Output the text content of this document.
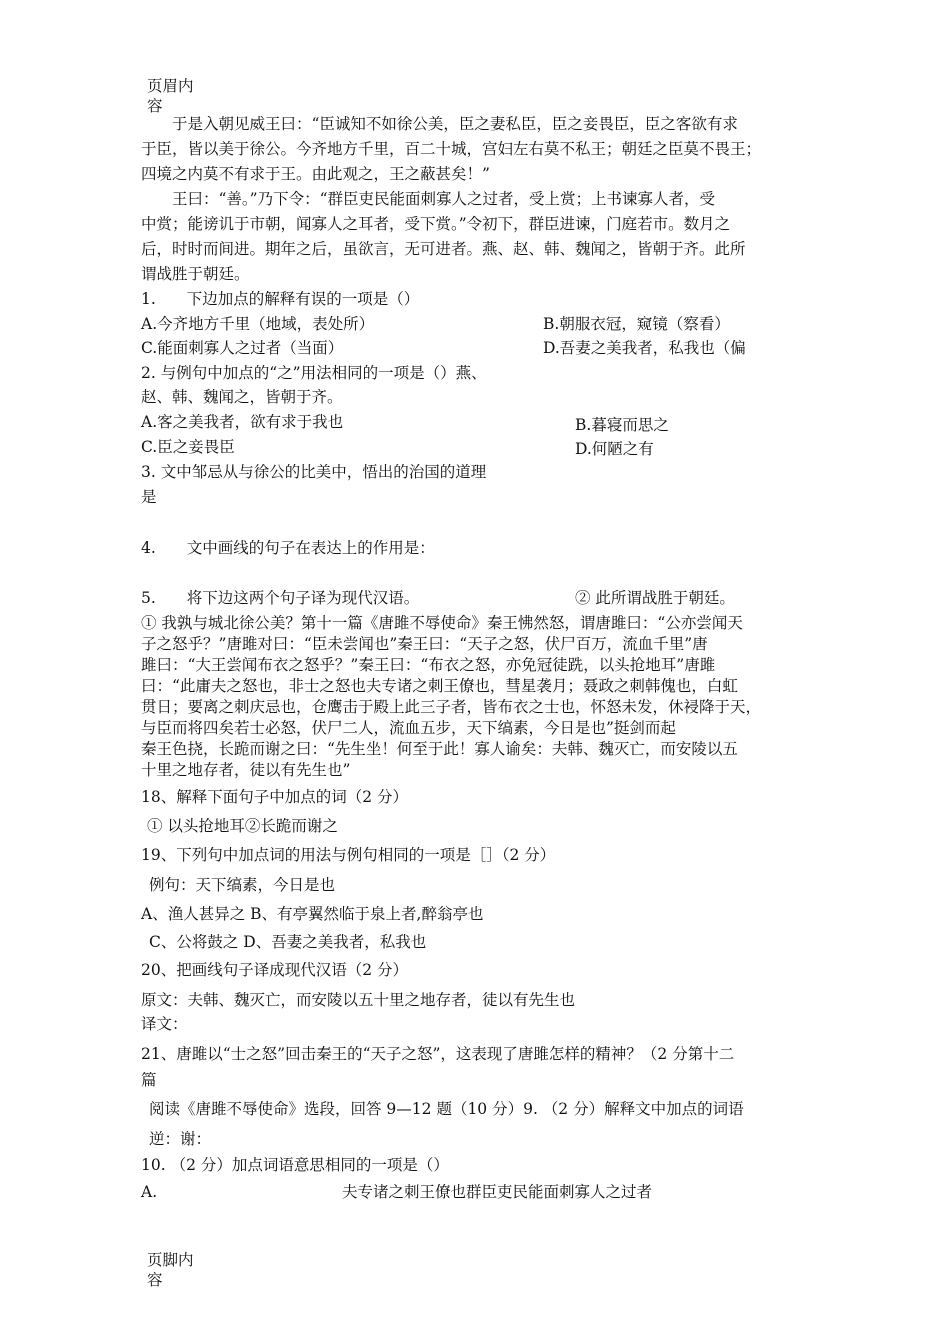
页眉内容
于是入朝见威王曰：“臣诚知不如徐公美，臣之妻私臣，臣之妾畏臣，臣之客欲有求
于臣，皆以美于徐公。今齐地方千里，百二十城，宫妇左右莫不私王；朝廷之臣莫不畏王；
四境之内莫不有求于王。由此观之，王之蔽甚矣！”
王曰：“善。”乃下令：“群臣吏民能面刺寡人之过者，受上赏；上书谏寡人者，受
中赏；能谤讥于市朝，闻寡人之耳者，受下赏。”令初下，群臣进谏，门庭若市。数月之
后，时时而间进。期年之后，虽欲言，无可进者。燕、赵、韩、魏闻之，皆朝于齐。此所
谓战胜于朝廷。
1.　　下边加点的解释有误的一项是（）
A.今齐地方千里（地域，表处所）	B.朝服衣冠，窥镜（察看）
C.能面刺寡人之过者（当面）	D.吾妻之美我者，私我也（偏
2. 与例句中加点的“之”用法相同的一项是（）燕、
赵、韩、魏闻之，皆朝于齐。
A.客之美我者，欲有求于我也	B.暮寝而思之
C.臣之妾畏臣	D.何陋之有
3. 文中邹忌从与徐公的比美中，悟出的治国的道理
是
4.　　文中画线的句子在表达上的作用是：
5.　　将下边这两个句子译为现代汉语。	② 此所谓战胜于朝廷。
① 我孰与城北徐公美？第十一篇《唐雎不辱使命》秦王怫然怒，谓唐雎曰：“公亦尝闻天
子之怒乎？”唐雎对曰：“臣未尝闻也”秦王曰：“天子之怒，伏尸百万，流血千里”唐
雎曰：“大王尝闻布衣之怒乎？”秦王曰：“布衣之怒，亦免冠徒跣，以头抢地耳”唐雎
曰：“此庸夫之怒也，非士之怒也夫专诸之刺王僚也，彗星袭月；聂政之刺韩傀也，白虹
贯日；要离之刺庆忌也，仓鹰击于殿上此三子者，皆布衣之士也，怀怒未发，休祲降于天，
与臣而将四矣若士必怒，伏尸二人，流血五步，天下缟素，今日是也”挺剑而起
秦王色挠，长跪而谢之曰：“先生坐！何至于此！寡人谕矣：夫韩、魏灭亡，而安陵以五
十里之地存者，徒以有先生也”
18、解释下面句子中加点的词（2 分）
① 以头抢地耳②长跪而谢之
19、下列句中加点词的用法与例句相同的一项是［］（2 分）
例句：天下缟素，今日是也
A、渔人甚异之 B、有亭翼然临于泉上者,醉翁亭也
C、公将鼓之 D、吾妻之美我者，私我也
20、把画线句子译成现代汉语（2 分）
原文：夫韩、魏灭亡，而安陵以五十里之地存者，徒以有先生也
译文：
21、唐雎以“士之怒”回击秦王的“天子之怒”，这表现了唐雎怎样的精神？（2 分第十二
篇
阅读《唐雎不辱使命》选段，回答 9—12 题（10 分）9. （2 分）解释文中加点的词语
逆：谢：
10. （2 分）加点词语意思相同的一项是（）
A.	夫专诸之刺王僚也群臣吏民能面刺寡人之过者
页脚内容
